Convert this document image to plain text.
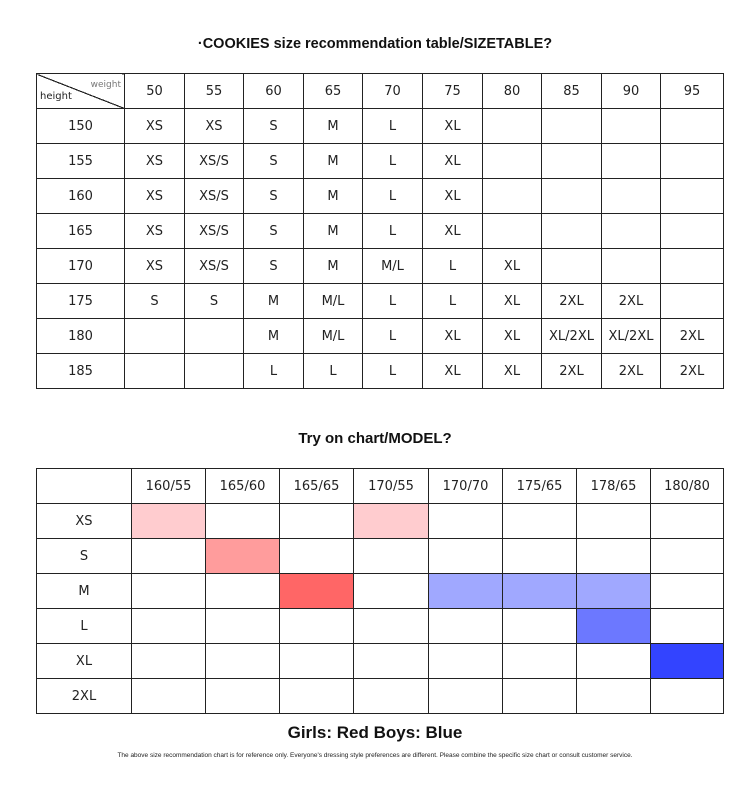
·COOKIES size recommendation table/SIZETABLE?
weight
height	50	55	60	65	70	75	80	85	90	95
150	XS	XS	S	M	L	XL				
155	XS	XS/S	S	M	L	XL				
160	XS	XS/S	S	M	L	XL				
165	XS	XS/S	S	M	L	XL				
170	XS	XS/S	S	M	M/L	L	XL			
175	S	S	M	M/L	L	L	XL	2XL	2XL	
180			M	M/L	L	XL	XL	XL/2XL	XL/2XL	2XL
185			L	L	L	XL	XL	2XL	2XL	2XL
Try on chart/MODEL?
	160/55	165/60	165/65	170/55	170/70	175/65	178/65	180/80
XS								
S								
M								
L								
XL								
2XL								
Girls: Red Boys: Blue
The above size recommendation chart is for reference only. Everyone's dressing style preferences are different. Please combine the specific size chart or consult customer service.
